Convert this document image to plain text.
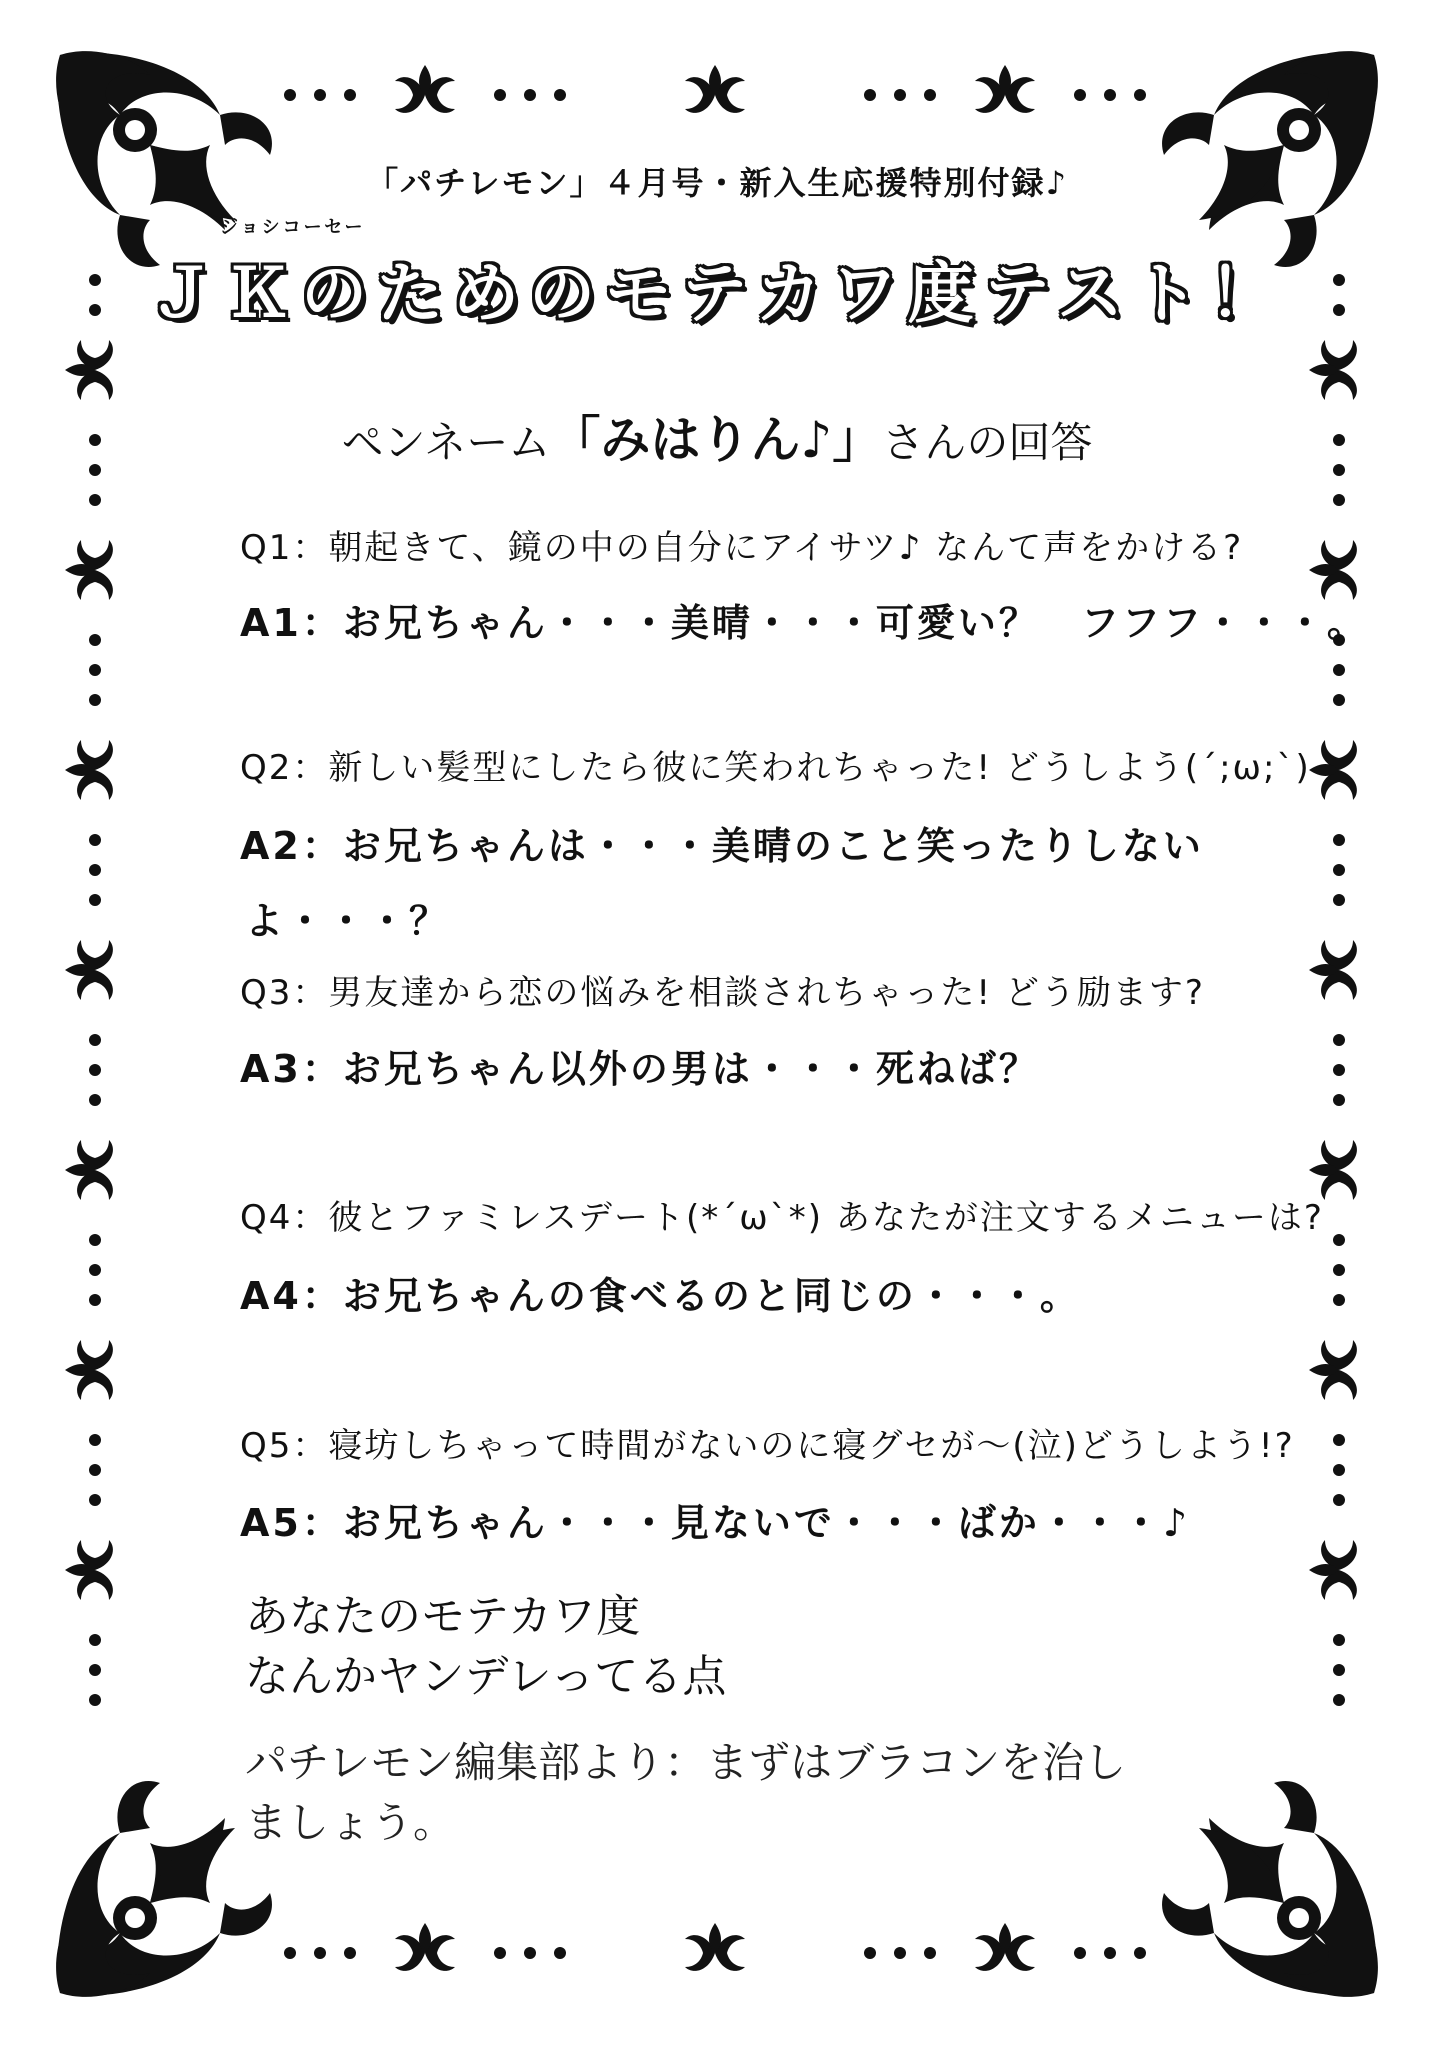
「パチレモン」４月号・新入生応援特別付録♪
ジョシコーセー
ＪＫのためのモテカワ度テスト！
ペンネーム「みはりん♪」さんの回答
Q1：朝起きて、鏡の中の自分にアイサツ♪ なんて声をかける?
A1：お兄ちゃん・・・美晴・・・可愛い？　フフフ・・・。
Q2：新しい髪型にしたら彼に笑われちゃった! どうしよう(´;ω;`)
A2：お兄ちゃんは・・・美晴のこと笑ったりしない
よ・・・？
Q3：男友達から恋の悩みを相談されちゃった! どう励ます?
A3：お兄ちゃん以外の男は・・・死ねば？
Q4：彼とファミレスデート(*´ω`*) あなたが注文するメニューは?
A4：お兄ちゃんの食べるのと同じの・・・。
Q5：寝坊しちゃって時間がないのに寝グセが〜(泣)どうしよう!?
A5：お兄ちゃん・・・見ないで・・・ばか・・・♪
あなたのモテカワ度
なんかヤンデレってる点
パチレモン編集部より：まずはブラコンを治し
ましょう。
